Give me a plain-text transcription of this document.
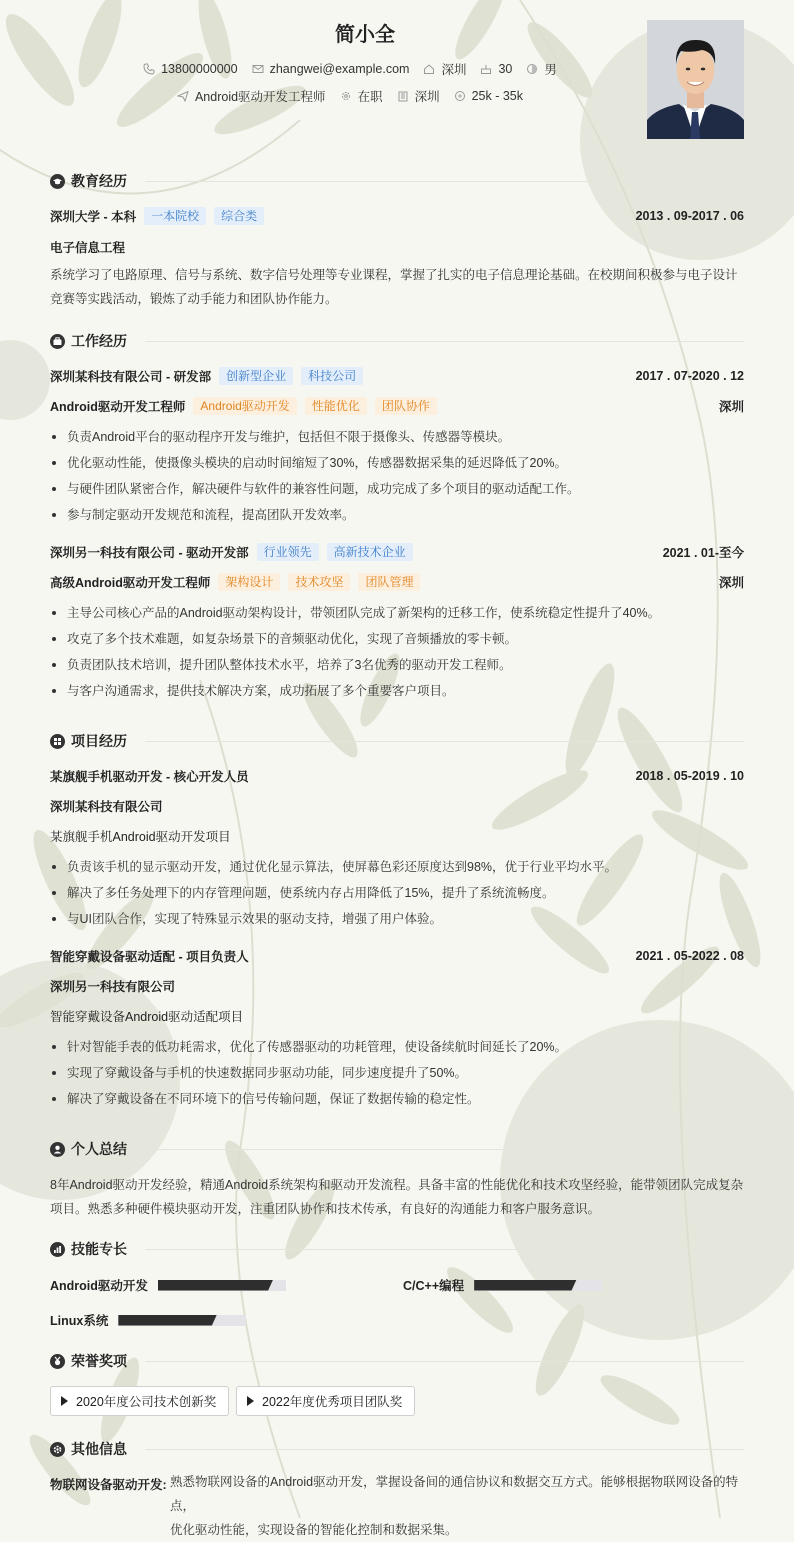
简小全
13800000000	zhangwei@example.com	深圳	30	男
Android驱动开发工程师	在职	深圳	25k - 35k
教育经历
深圳大学 - 本科	一本院校	综合类	2013 . 09-2017 . 06
电子信息工程
系统学习了电路原理、信号与系统、数字信号处理等专业课程，掌握了扎实的电子信息理论基础。在校期间积极参与电子设计竞赛等实践活动，锻炼了动手能力和团队协作能力。
工作经历
深圳某科技有限公司 - 研发部	创新型企业	科技公司	2017 . 07-2020 . 12
Android驱动开发工程师	Android驱动开发	性能优化	团队协作	深圳
负责Android平台的驱动程序开发与维护，包括但不限于摄像头、传感器等模块。
优化驱动性能，使摄像头模块的启动时间缩短了30%，传感器数据采集的延迟降低了20%。
与硬件团队紧密合作，解决硬件与软件的兼容性问题，成功完成了多个项目的驱动适配工作。
参与制定驱动开发规范和流程，提高团队开发效率。
深圳另一科技有限公司 - 驱动开发部	行业领先	高新技术企业	2021 . 01-至今
高级Android驱动开发工程师	架构设计	技术攻坚	团队管理	深圳
主导公司核心产品的Android驱动架构设计，带领团队完成了新架构的迁移工作，使系统稳定性提升了40%。
攻克了多个技术难题，如复杂场景下的音频驱动优化，实现了音频播放的零卡顿。
负责团队技术培训，提升团队整体技术水平，培养了3名优秀的驱动开发工程师。
与客户沟通需求，提供技术解决方案，成功拓展了多个重要客户项目。
项目经历
某旗舰手机驱动开发 - 核心开发人员	2018 . 05-2019 . 10
深圳某科技有限公司
某旗舰手机Android驱动开发项目
负责该手机的显示驱动开发，通过优化显示算法，使屏幕色彩还原度达到98%，优于行业平均水平。
解决了多任务处理下的内存管理问题，使系统内存占用降低了15%，提升了系统流畅度。
与UI团队合作，实现了特殊显示效果的驱动支持，增强了用户体验。
智能穿戴设备驱动适配 - 项目负责人	2021 . 05-2022 . 08
深圳另一科技有限公司
智能穿戴设备Android驱动适配项目
针对智能手表的低功耗需求，优化了传感器驱动的功耗管理，使设备续航时间延长了20%。
实现了穿戴设备与手机的快速数据同步驱动功能，同步速度提升了50%。
解决了穿戴设备在不同环境下的信号传输问题，保证了数据传输的稳定性。
个人总结
8年Android驱动开发经验，精通Android系统架构和驱动开发流程。具备丰富的性能优化和技术攻坚经验，能带领团队完成复杂项目。熟悉多种硬件模块驱动开发，注重团队协作和技术传承，有良好的沟通能力和客户服务意识。
技能专长
Android驱动开发	C/C++编程
Linux系统
荣誉奖项
2020年度公司技术创新奖	2022年度优秀项目团队奖
其他信息
物联网设备驱动开发: 熟悉物联网设备的Android驱动开发，掌握设备间的通信协议和数据交互方式。能够根据物联网设备的特点，
优化驱动性能，实现设备的智能化控制和数据采集。
